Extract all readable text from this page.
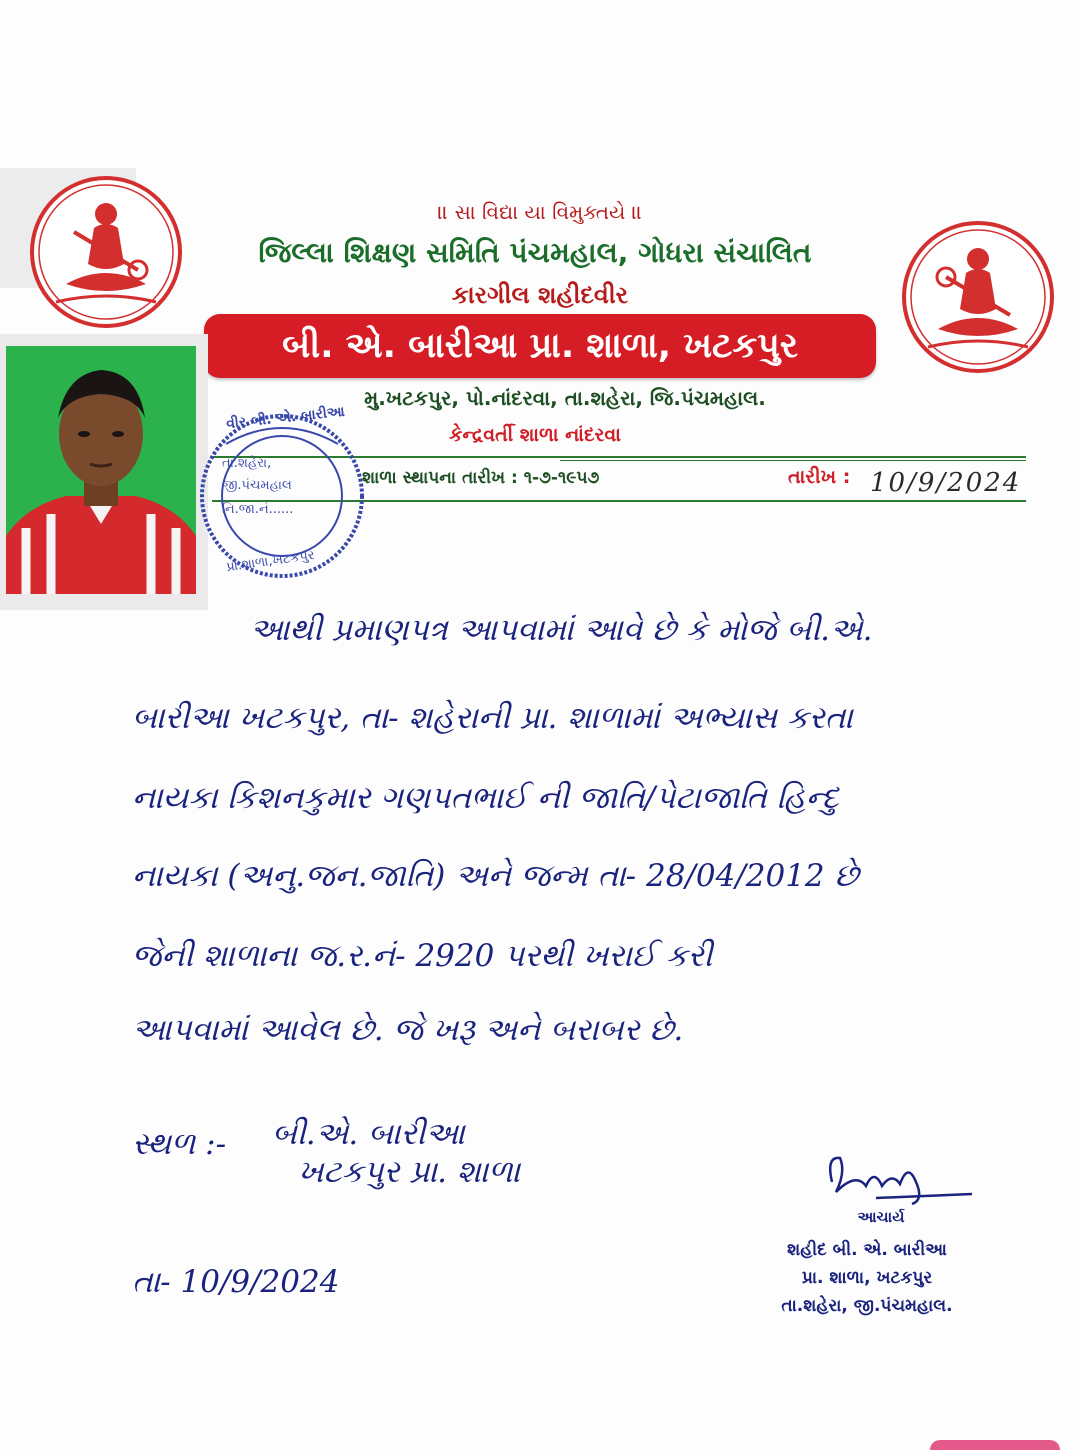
॥ સા વિદ્યા યા વિમુક્તયે ॥
જિલ્લા શિક્ષણ સમિતિ પંચમહાલ, ગોધરા સંચાલિત
કારગીલ શહીદવીર
બી. એ. બારીઆ પ્રા. શાળા, ખટકપુર
મુ.ખટકપુર, પો.નાંદરવા, તા.શહેરા, જિ.પંચમહાલ.
કેન્દ્રવર્તી શાળા નાંદરવા
શાળા સ્થાપના તારીખ : ૧-૭-૧૯૫૭	તારીખ : 10/9/2024
વીર બી. એ. બારીઆ
તા.શહેરા,
જી.પંચમહાલ
નિ.જા.નં......
પ્રા.શાળા,ખટકપુર
આથી પ્રમાણપત્ર આપવામાં આવે છે કે મોજે બી.એ.
બારીઆ ખટકપુર, તા- શહેરાની પ્રા. શાળામાં અભ્યાસ કરતા
નાયકા કિશનકુમાર ગણપતભાઈ ની જાતિ/પેટાજાતિ હિન્દુ
નાયકા (અનુ.જન.જાતિ) અને જન્મ તા- 28/04/2012 છે
જેની શાળાના જ.ર.નં- 2920 પરથી ખરાઈ કરી
આપવામાં આવેલ છે. જે ખરૂ અને બરાબર છે.
સ્થળ :- બી.એ. બારીઆ
ખટકપુર પ્રા. શાળા
તા- 10/9/2024
આચાર્ય
શહીદ બી. એ. બારીઆ
પ્રા. શાળા, ખટકપુર
તા.શહેરા, જી.પંચમહાલ.
